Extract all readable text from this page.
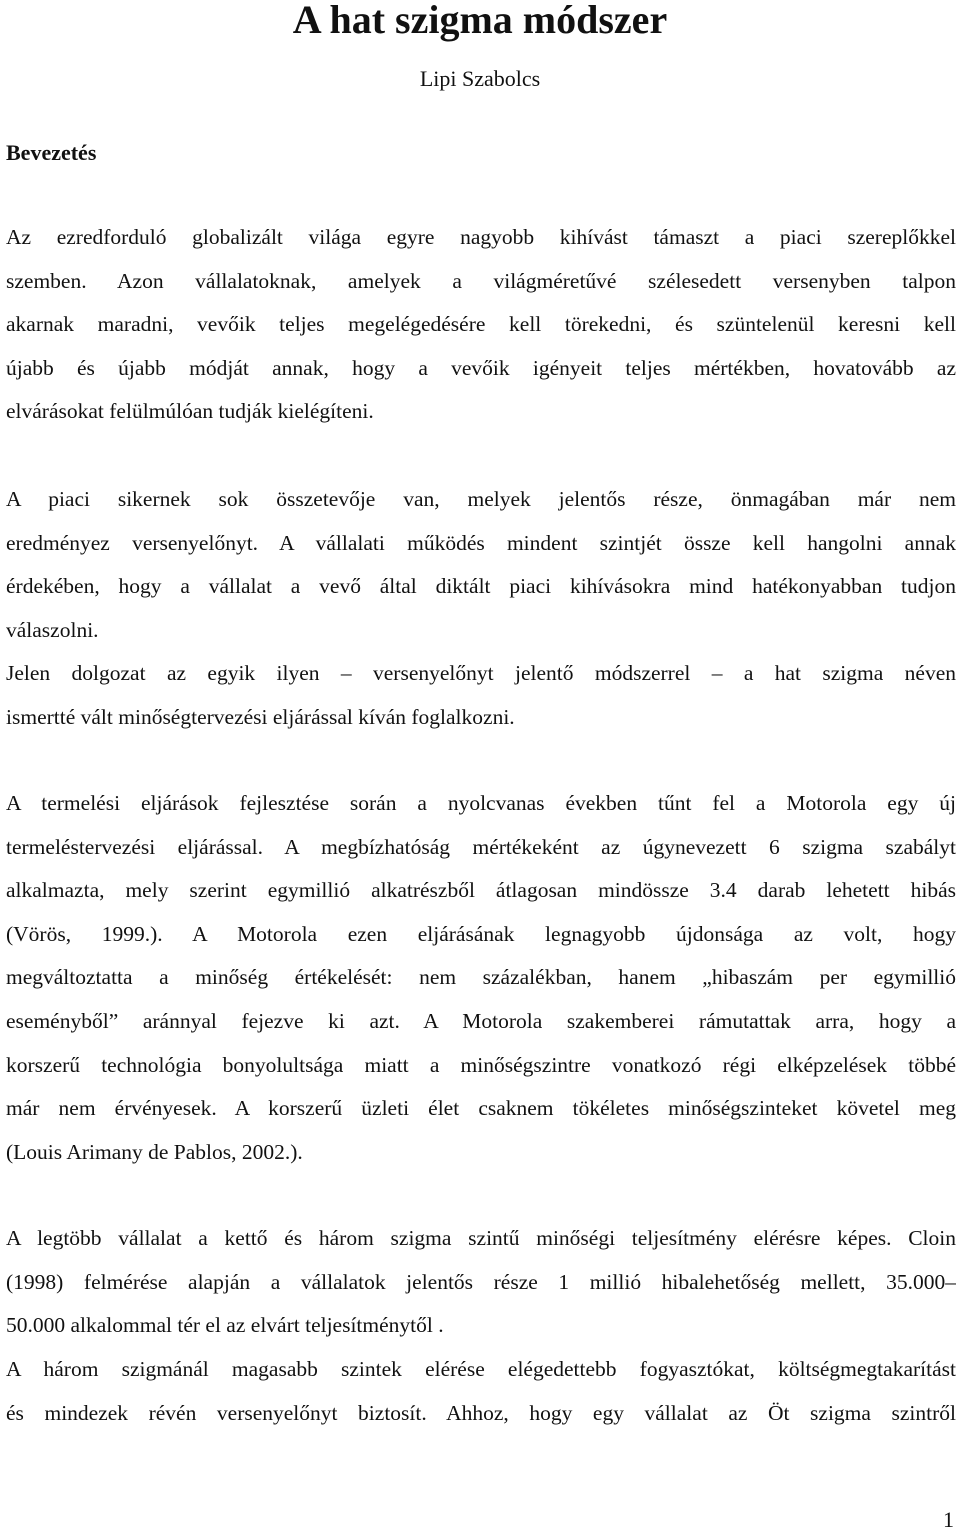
A hat szigma módszer
Lipi Szabolcs
Bevezetés
Az ezredforduló globalizált világa egyre nagyobb kihívást támaszt a piaci szereplőkkel
szemben. Azon vállalatoknak, amelyek a világméretűvé szélesedett versenyben talpon
akarnak maradni, vevőik teljes megelégedésére kell törekedni, és szüntelenül keresni kell
újabb és újabb módját annak, hogy a vevőik igényeit teljes mértékben, hovatovább az
elvárásokat felülmúlóan tudják kielégíteni.
A piaci sikernek sok összetevője van, melyek jelentős része, önmagában már nem
eredményez versenyelőnyt. A vállalati működés mindent szintjét össze kell hangolni annak
érdekében, hogy a vállalat a vevő által diktált piaci kihívásokra mind hatékonyabban tudjon
válaszolni.
Jelen dolgozat az egyik ilyen – versenyelőnyt jelentő módszerrel – a hat szigma néven
ismertté vált minőségtervezési eljárással kíván foglalkozni.
A termelési eljárások fejlesztése során a nyolcvanas években tűnt fel a Motorola egy új
termeléstervezési eljárással. A megbízhatóság mértékeként az úgynevezett 6 szigma szabályt
alkalmazta, mely szerint egymillió alkatrészből átlagosan mindössze 3.4 darab lehetett hibás
(Vörös, 1999.). A Motorola ezen eljárásának legnagyobb újdonsága az volt, hogy
megváltoztatta a minőség értékelését: nem százalékban, hanem „hibaszám per egymillió
eseményből” aránnyal fejezve ki azt. A Motorola szakemberei rámutattak arra, hogy a
korszerű technológia bonyolultsága miatt a minőségszintre vonatkozó régi elképzelések többé
már nem érvényesek. A korszerű üzleti élet csaknem tökéletes minőségszinteket követel meg
(Louis Arimany de Pablos, 2002.).
A legtöbb vállalat a kettő és három szigma szintű minőségi teljesítmény elérésre képes. Cloin
(1998) felmérése alapján a vállalatok jelentős része 1 millió hibalehetőség mellett, 35.000–
50.000 alkalommal tér el az elvárt teljesítménytől .
A három szigmánál magasabb szintek elérése elégedettebb fogyasztókat, költségmegtakarítást
és mindezek révén versenyelőnyt biztosít. Ahhoz, hogy egy vállalat az Öt szigma szintről
1
